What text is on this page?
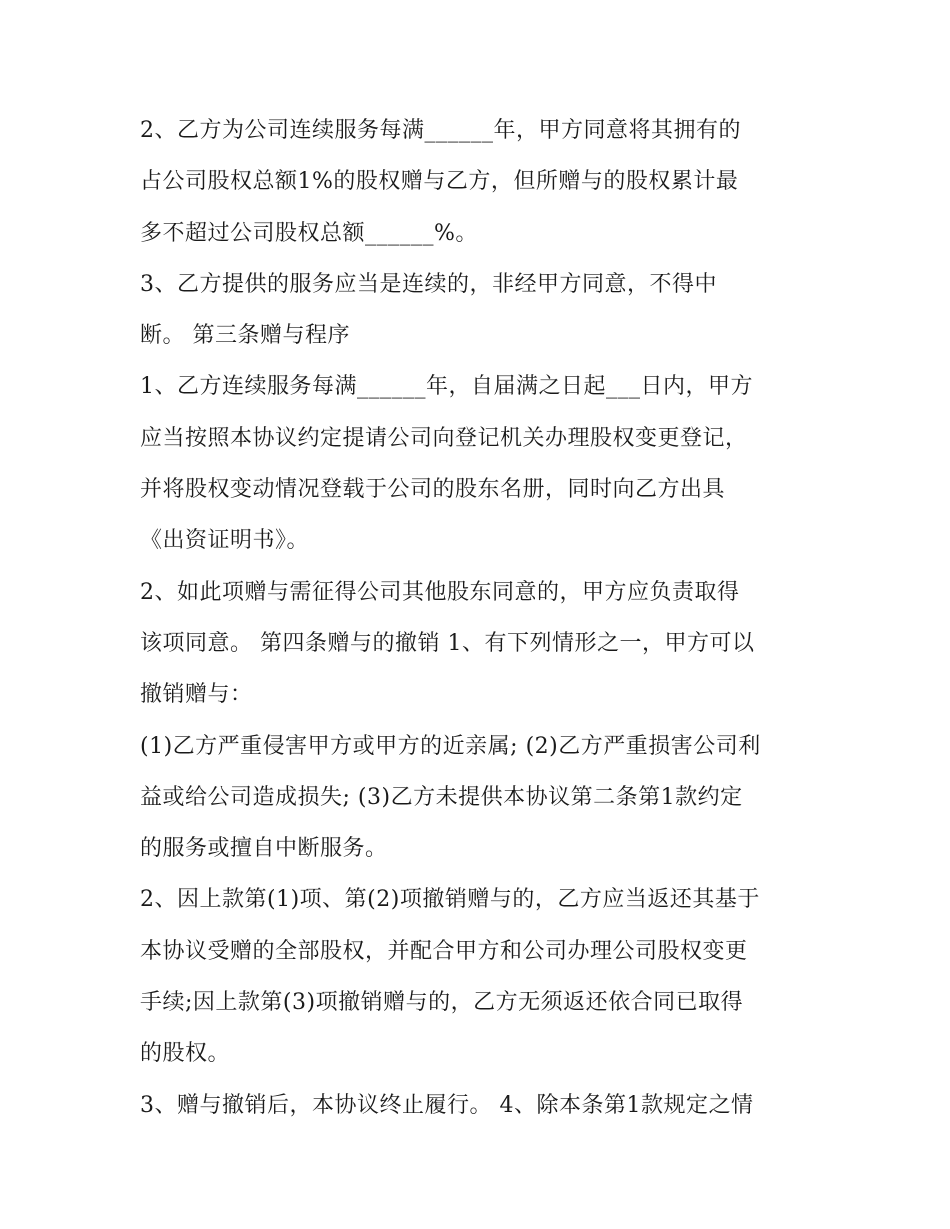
2、乙方为公司连续服务每满______年，甲方同意将其拥有的
占公司股权总额1%的股权赠与乙方，但所赠与的股权累计最
多不超过公司股权总额______%。
3、乙方提供的服务应当是连续的，非经甲方同意，不得中
断。 第三条赠与程序
1、乙方连续服务每满______年，自届满之日起___日内，甲方
应当按照本协议约定提请公司向登记机关办理股权变更登记，
并将股权变动情况登载于公司的股东名册，同时向乙方出具
《出资证明书》。
2、如此项赠与需征得公司其他股东同意的，甲方应负责取得
该项同意。 第四条赠与的撤销 1、有下列情形之一，甲方可以
撤销赠与：
(1)乙方严重侵害甲方或甲方的近亲属; (2)乙方严重损害公司利
益或给公司造成损失; (3)乙方未提供本协议第二条第1款约定
的服务或擅自中断服务。
2、因上款第(1)项、第(2)项撤销赠与的，乙方应当返还其基于
本协议受赠的全部股权，并配合甲方和公司办理公司股权变更
手续;因上款第(3)项撤销赠与的，乙方无须返还依合同已取得
的股权。
3、赠与撤销后，本协议终止履行。 4、除本条第1款规定之情
